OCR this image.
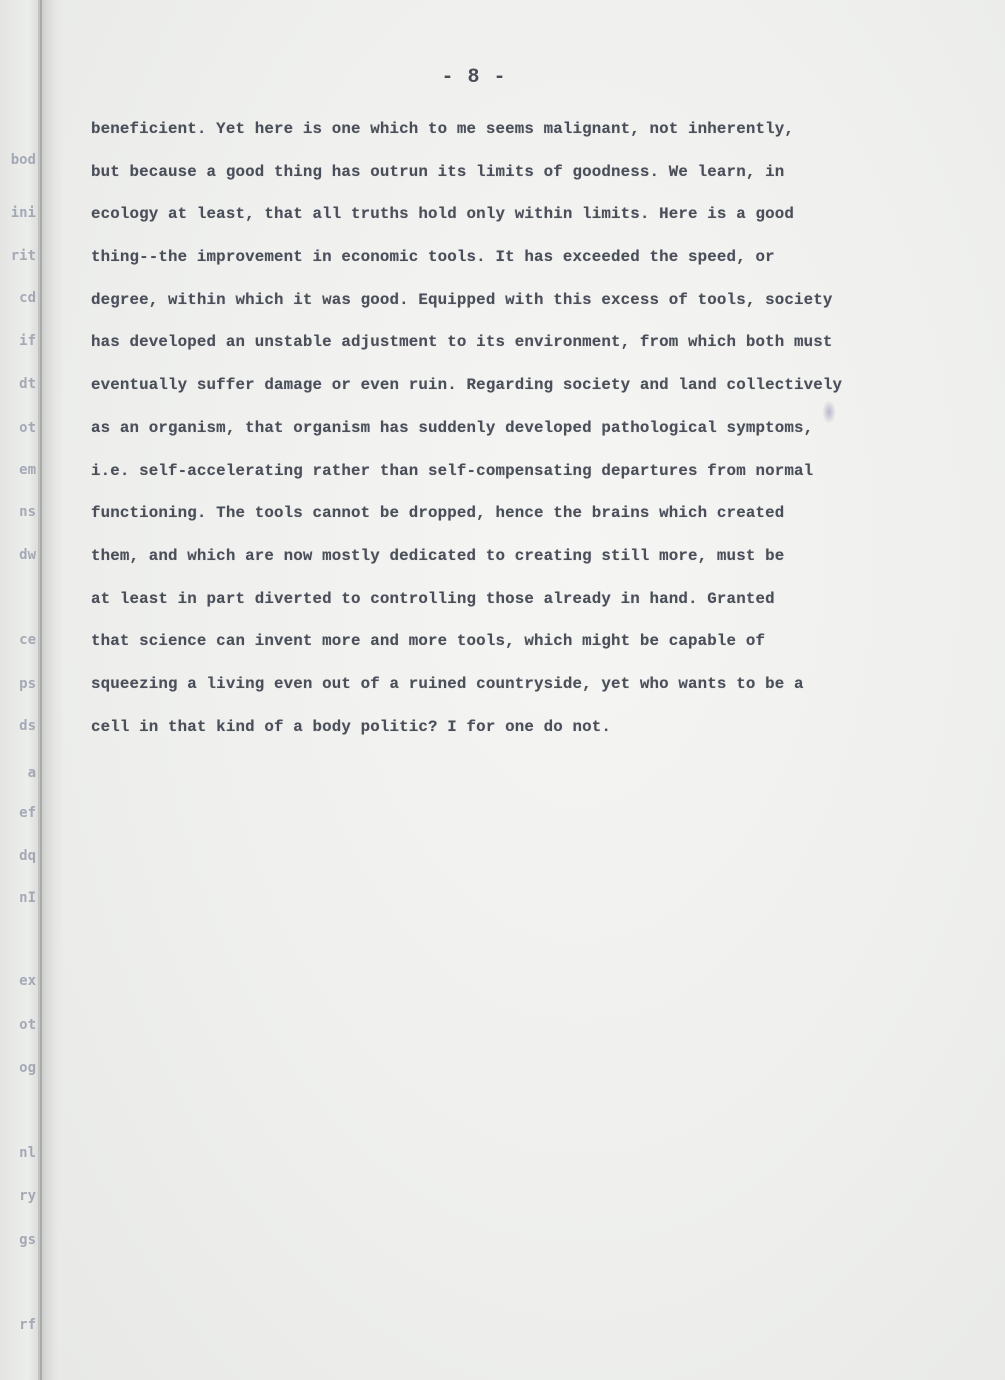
bod
ini
rit
cd
if
dt
ot
em
ns
dw
ce
ps
ds
a
ef
dq
nI
ex
ot
og
nl
ry
gs
rf
- 8 -
beneficient. Yet here is one which to me seems malignant, not inherently,
but because a good thing has outrun its limits of goodness. We learn, in
ecology at least, that all truths hold only within limits. Here is a good
thing--the improvement in economic tools. It has exceeded the speed, or
degree, within which it was good. Equipped with this excess of tools, society
has developed an unstable adjustment to its environment, from which both must
eventually suffer damage or even ruin. Regarding society and land collectively
as an organism, that organism has suddenly developed pathological symptoms,
i.e. self-accelerating rather than self-compensating departures from normal
functioning. The tools cannot be dropped, hence the brains which created
them, and which are now mostly dedicated to creating still more, must be
at least in part diverted to controlling those already in hand. Granted
that science can invent more and more tools, which might be capable of
squeezing a living even out of a ruined countryside, yet who wants to be a
cell in that kind of a body politic? I for one do not.
